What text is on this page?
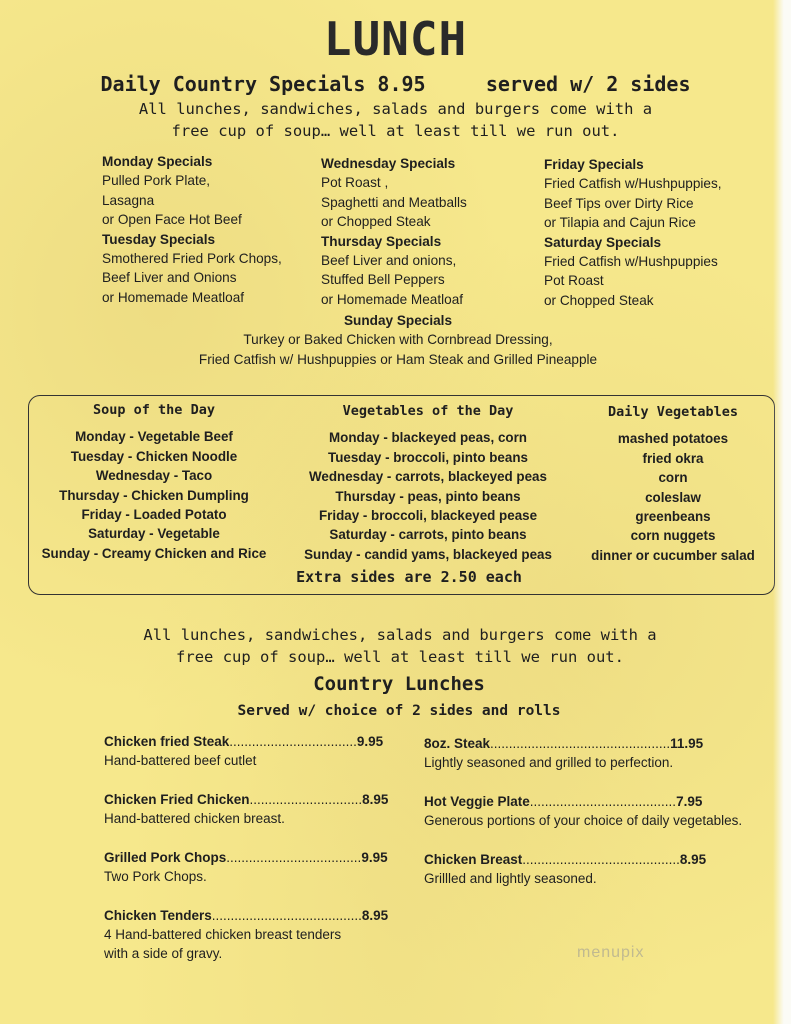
LUNCH
Daily Country Specials 8.95	served w/ 2 sides
All lunches, sandwiches, salads and burgers come with a
free cup of soup… well at least till we run out.
Monday Specials
Pulled Pork Plate,
Lasagna
or Open Face Hot Beef
Tuesday Specials
Smothered Fried Pork Chops,
Beef Liver and Onions
or Homemade Meatloaf
Wednesday Specials
Pot Roast ,
Spaghetti and Meatballs
or Chopped Steak
Thursday Specials
Beef Liver and onions,
Stuffed Bell Peppers
or Homemade Meatloaf
Friday Specials
Fried Catfish w/Hushpuppies,
Beef Tips over Dirty Rice
or Tilapia and Cajun Rice
Saturday Specials
Fried Catfish w/Hushpuppies
Pot Roast
or Chopped Steak
Sunday Specials
Turkey or Baked Chicken with Cornbread Dressing,
Fried Catfish w/ Hushpuppies or Ham Steak and Grilled Pineapple
Soup of the Day
Monday - Vegetable Beef
Tuesday - Chicken Noodle
Wednesday - Taco
Thursday - Chicken Dumpling
Friday - Loaded Potato
Saturday - Vegetable
Sunday - Creamy Chicken and Rice
Vegetables of the Day
Monday - blackeyed peas, corn
Tuesday - broccoli, pinto beans
Wednesday - carrots, blackeyed peas
Thursday - peas, pinto beans
Friday - broccoli, blackeyed pease
Saturday - carrots, pinto beans
Sunday - candid yams, blackeyed peas
Daily Vegetables
mashed potatoes
fried okra
corn
coleslaw
greenbeans
corn nuggets
dinner or cucumber salad
Extra sides are 2.50 each
All lunches, sandwiches, salads and burgers come with a
free cup of soup… well at least till we run out.
Country Lunches
Served w/ choice of 2 sides and rolls
Chicken fried Steak..................................9.95
Hand-battered beef cutlet
Chicken Fried Chicken..............................8.95
Hand-battered chicken breast.
Grilled Pork Chops....................................9.95
Two Pork Chops.
Chicken Tenders........................................8.95
4 Hand-battered chicken breast tenders
with a side of gravy.
8oz. Steak................................................11.95
Lightly seasoned and grilled to perfection.
Hot Veggie Plate.......................................7.95
Generous portions of your choice of daily vegetables.
Chicken Breast..........................................8.95
Grillled and lightly seasoned.
menupix
